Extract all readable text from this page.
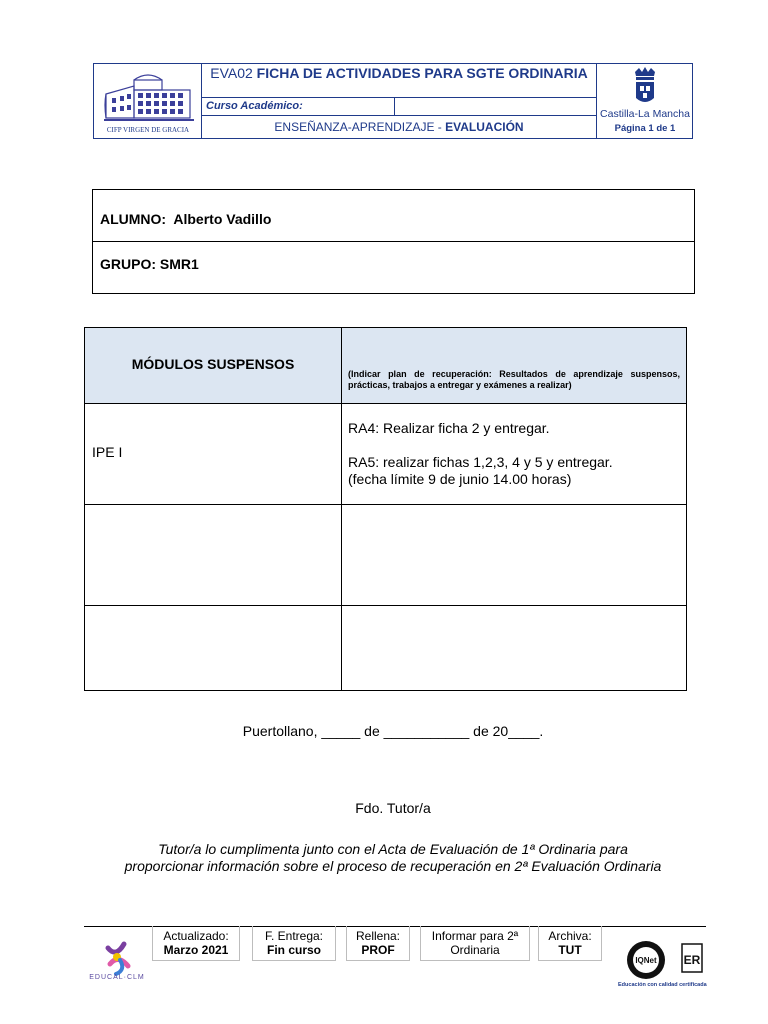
CIFP VIRGEN DE GRACIA
EVA02 FICHA DE ACTIVIDADES PARA SGTE ORDINARIA
Curso Académico:
ENSEÑANZA-APRENDIZAJE - EVALUACIÓN
Castilla-La Mancha
Página 1 de 1
ALUMNO: Alberto Vadillo
GRUPO: SMR1
MÓDULOS SUSPENSOS
(Indicar plan de recuperación: Resultados de aprendizaje suspensos, prácticas, trabajos a entregar y exámenes a realizar)
IPE I
RA4: Realizar ficha 2 y entregar.
RA5: realizar fichas 1,2,3, 4 y 5 y entregar.
(fecha límite 9 de junio 14.00 horas)
Puertollano, _____ de ___________ de 20____.
Fdo. Tutor/a
Tutor/a lo cumplimenta junto con el Acta de Evaluación de 1ª Ordinaria para
proporcionar información sobre el proceso de recuperación en 2ª Evaluación Ordinaria
EDUCAL·CLM
Actualizado:
Marzo 2021
F. Entrega:
Fin curso
Rellena:
PROF
Informar para 2ª
Ordinaria
Archiva:
TUT
IQNet ER
Educación con calidad certificada
